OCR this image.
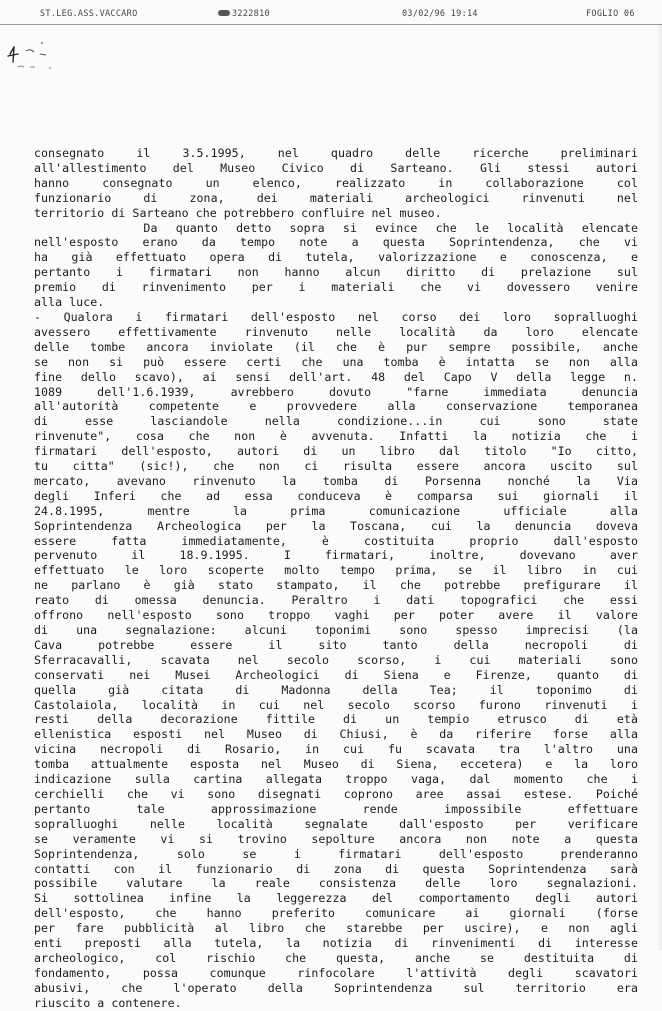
ST.LEG.ASS.VACCARO	3222810	03/02/96 19:14	FOGLIO 06
consegnato il 3.5.1995, nel quadro delle ricerche preliminari
all'allestimento del Museo Civico di Sarteano. Gli stessi autori
hanno consegnato un elenco, realizzato in collaborazione col
funzionario di zona, dei materiali archeologici rinvenuti nel
territorio di Sarteano che potrebbero confluire nel museo.
Da quanto detto sopra si evince che le località elencate
nell'esposto erano da tempo note a questa Soprintendenza, che vi
ha già effettuato opera di tutela, valorizzazione e conoscenza, e
pertanto i firmatari non hanno alcun diritto di prelazione sul
premio di rinvenimento per i materiali che vi dovessero venire
alla luce.
- Qualora i firmatari dell'esposto nel corso dei loro sopralluoghi
avessero effettivamente rinvenuto nelle località da loro elencate
delle tombe ancora inviolate (il che è pur sempre possibile, anche
se non si può essere certi che una tomba è intatta se non alla
fine dello scavo), ai sensi dell'art. 48 del Capo V della legge n.
1089 dell'1.6.1939, avrebbero dovuto "farne immediata denuncia
all'autorità competente e provvedere alla conservazione temporanea
di esse lasciandole nella condizione...in cui sono state
rinvenute", cosa che non è avvenuta. Infatti la notizia che i
firmatari dell'esposto, autori di un libro dal titolo "Io citto,
tu citta" (sic!), che non ci risulta essere ancora uscito sul
mercato, avevano rinvenuto la tomba di Porsenna nonché la Via
degli Inferi che ad essa conduceva è comparsa sui giornali il
24.8.1995, mentre la prima comunicazione ufficiale alla
Soprintendenza Archeologica per la Toscana, cui la denuncia doveva
essere fatta immediatamente, è costituita proprio dall'esposto
pervenuto il 18.9.1995. I firmatari, inoltre, dovevano aver
effettuato le loro scoperte molto tempo prima, se il libro in cui
ne parlano è già stato stampato, il che potrebbe prefigurare il
reato di omessa denuncia. Peraltro i dati topografici che essi
offrono nell'esposto sono troppo vaghi per poter avere il valore
di una segnalazione: alcuni toponimi sono spesso imprecisi (la
Cava potrebbe essere il sito tanto della necropoli di
Sferracavalli, scavata nel secolo scorso, i cui materiali sono
conservati nei Musei Archeologici di Siena e Firenze, quanto di
quella già citata di Madonna della Tea; il toponimo di
Castolaiola, località in cui nel secolo scorso furono rinvenuti i
resti della decorazione fittile di un tempio etrusco di età
ellenistica esposti nel Museo di Chiusi, è da riferire forse alla
vicina necropoli di Rosario, in cui fu scavata tra l'altro una
tomba attualmente esposta nel Museo di Siena, eccetera) e la loro
indicazione sulla cartina allegata troppo vaga, dal momento che i
cerchielli che vi sono disegnati coprono aree assai estese. Poiché
pertanto tale approssimazione rende impossibile effettuare
sopralluoghi nelle località segnalate dall'esposto per verificare
se veramente vi si trovino sepolture ancora non note a questa
Soprintendenza, solo se i firmatari dell'esposto prenderanno
contatti con il funzionario di zona di questa Soprintendenza sarà
possibile valutare la reale consistenza delle loro segnalazioni.
Si sottolinea infine la leggerezza del comportamento degli autori
dell'esposto, che hanno preferito comunicare ai giornali (forse
per fare pubblicità al libro che starebbe per uscire), e non agli
enti preposti alla tutela, la notizia di rinvenimenti di interesse
archeologico, col rischio che questa, anche se destituita di
fondamento, possa comunque rinfocolare l'attività degli scavatori
abusivi, che l'operato della Soprintendenza sul territorio era
riuscito a contenere.
